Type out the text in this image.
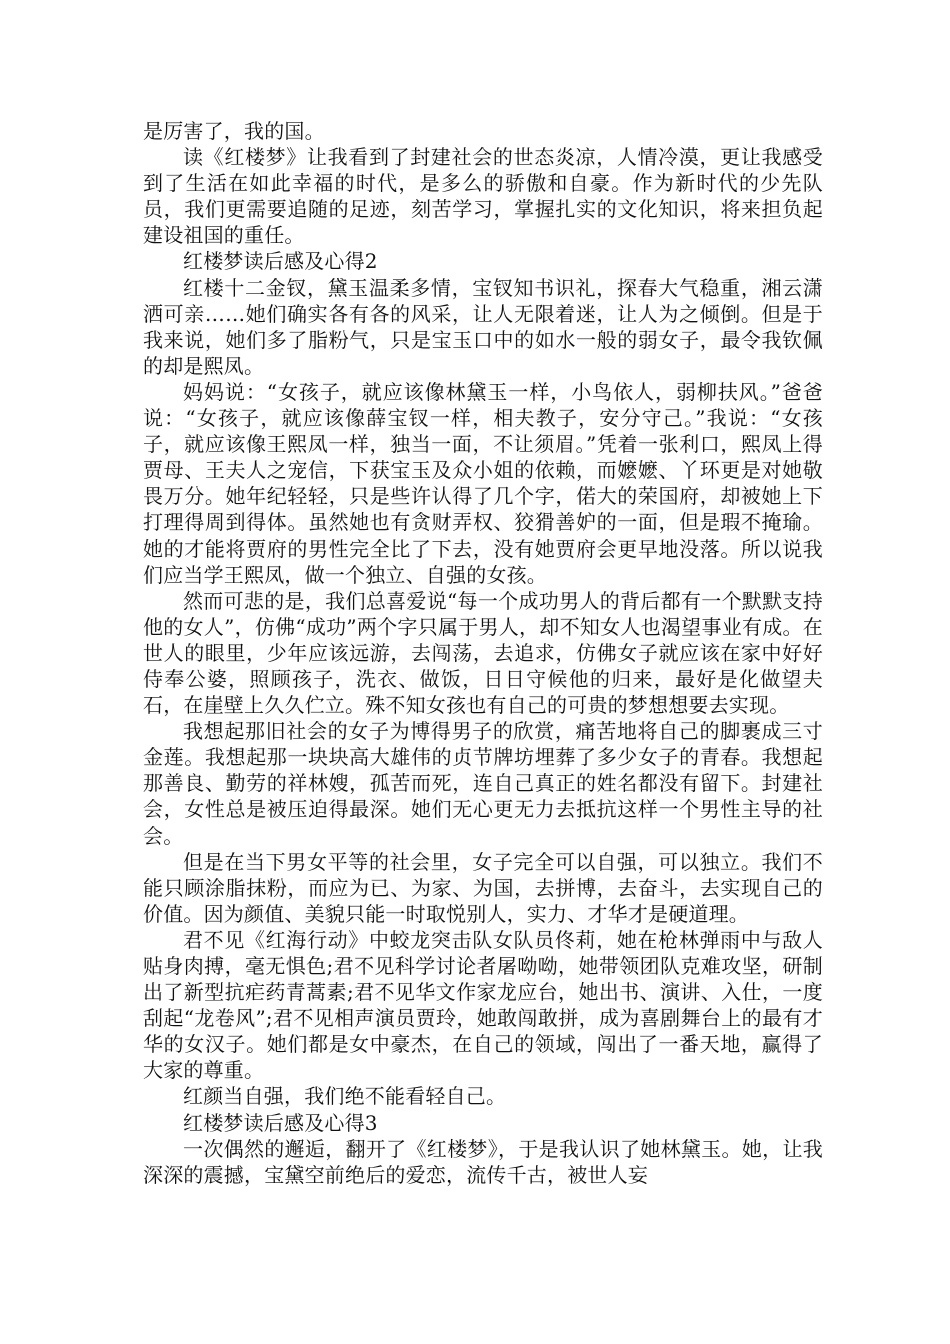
是厉害了，我的国。

读《红楼梦》让我看到了封建社会的世态炎凉，人情冷漠，更让我感受到了生活在如此幸福的时代，是多么的骄傲和自豪。作为新时代的少先队员，我们更需要追随的足迹，刻苦学习，掌握扎实的文化知识，将来担负起建设祖国的重任。

红楼梦读后感及心得2

红楼十二金钗，黛玉温柔多情，宝钗知书识礼，探春大气稳重，湘云潇洒可亲……她们确实各有各的风采，让人无限着迷，让人为之倾倒。但是于我来说，她们多了脂粉气，只是宝玉口中的如水一般的弱女子，最令我钦佩的却是熙凤。

妈妈说：“女孩子，就应该像林黛玉一样，小鸟依人，弱柳扶风。”爸爸说：“女孩子，就应该像薛宝钗一样，相夫教子，安分守己。”我说：“女孩子，就应该像王熙凤一样，独当一面，不让须眉。”凭着一张利口，熙凤上得贾母、王夫人之宠信，下获宝玉及众小姐的依赖，而嬷嬷、丫环更是对她敬畏万分。她年纪轻轻，只是些许认得了几个字，偌大的荣国府，却被她上下打理得周到得体。虽然她也有贪财弄权、狡猾善妒的一面，但是瑕不掩瑜。她的才能将贾府的男性完全比了下去，没有她贾府会更早地没落。所以说我们应当学王熙凤，做一个独立、自强的女孩。

然而可悲的是，我们总喜爱说“每一个成功男人的背后都有一个默默支持他的女人”，仿佛“成功”两个字只属于男人，却不知女人也渴望事业有成。在世人的眼里，少年应该远游，去闯荡，去追求，仿佛女子就应该在家中好好侍奉公婆，照顾孩子，洗衣、做饭，日日守候他的归来，最好是化做望夫石，在崖壁上久久伫立。殊不知女孩也有自己的可贵的梦想想要去实现。

我想起那旧社会的女子为博得男子的欣赏，痛苦地将自己的脚裹成三寸金莲。我想起那一块块高大雄伟的贞节牌坊埋葬了多少女子的青春。我想起那善良、勤劳的祥林嫂，孤苦而死，连自己真正的姓名都没有留下。封建社会，女性总是被压迫得最深。她们无心更无力去抵抗这样一个男性主导的社会。

但是在当下男女平等的社会里，女子完全可以自强，可以独立。我们不能只顾涂脂抹粉，而应为已、为家、为国，去拼博，去奋斗，去实现自己的价值。因为颜值、美貌只能一时取悦别人，实力、才华才是硬道理。

君不见《红海行动》中蛟龙突击队女队员佟莉，她在枪林弹雨中与敌人贴身肉搏，毫无惧色;君不见科学讨论者屠呦呦，她带领团队克难攻坚，研制出了新型抗疟药青蒿素;君不见华文作家龙应台，她出书、演讲、入仕，一度刮起“龙卷风”;君不见相声演员贾玲，她敢闯敢拼，成为喜剧舞台上的最有才华的女汉子。她们都是女中豪杰，在自己的领域，闯出了一番天地，赢得了大家的尊重。

红颜当自强，我们绝不能看轻自己。

红楼梦读后感及心得3

一次偶然的邂逅，翻开了《红楼梦》，于是我认识了她林黛玉。她，让我深深的震撼，宝黛空前绝后的爱恋，流传千古，被世人妄
